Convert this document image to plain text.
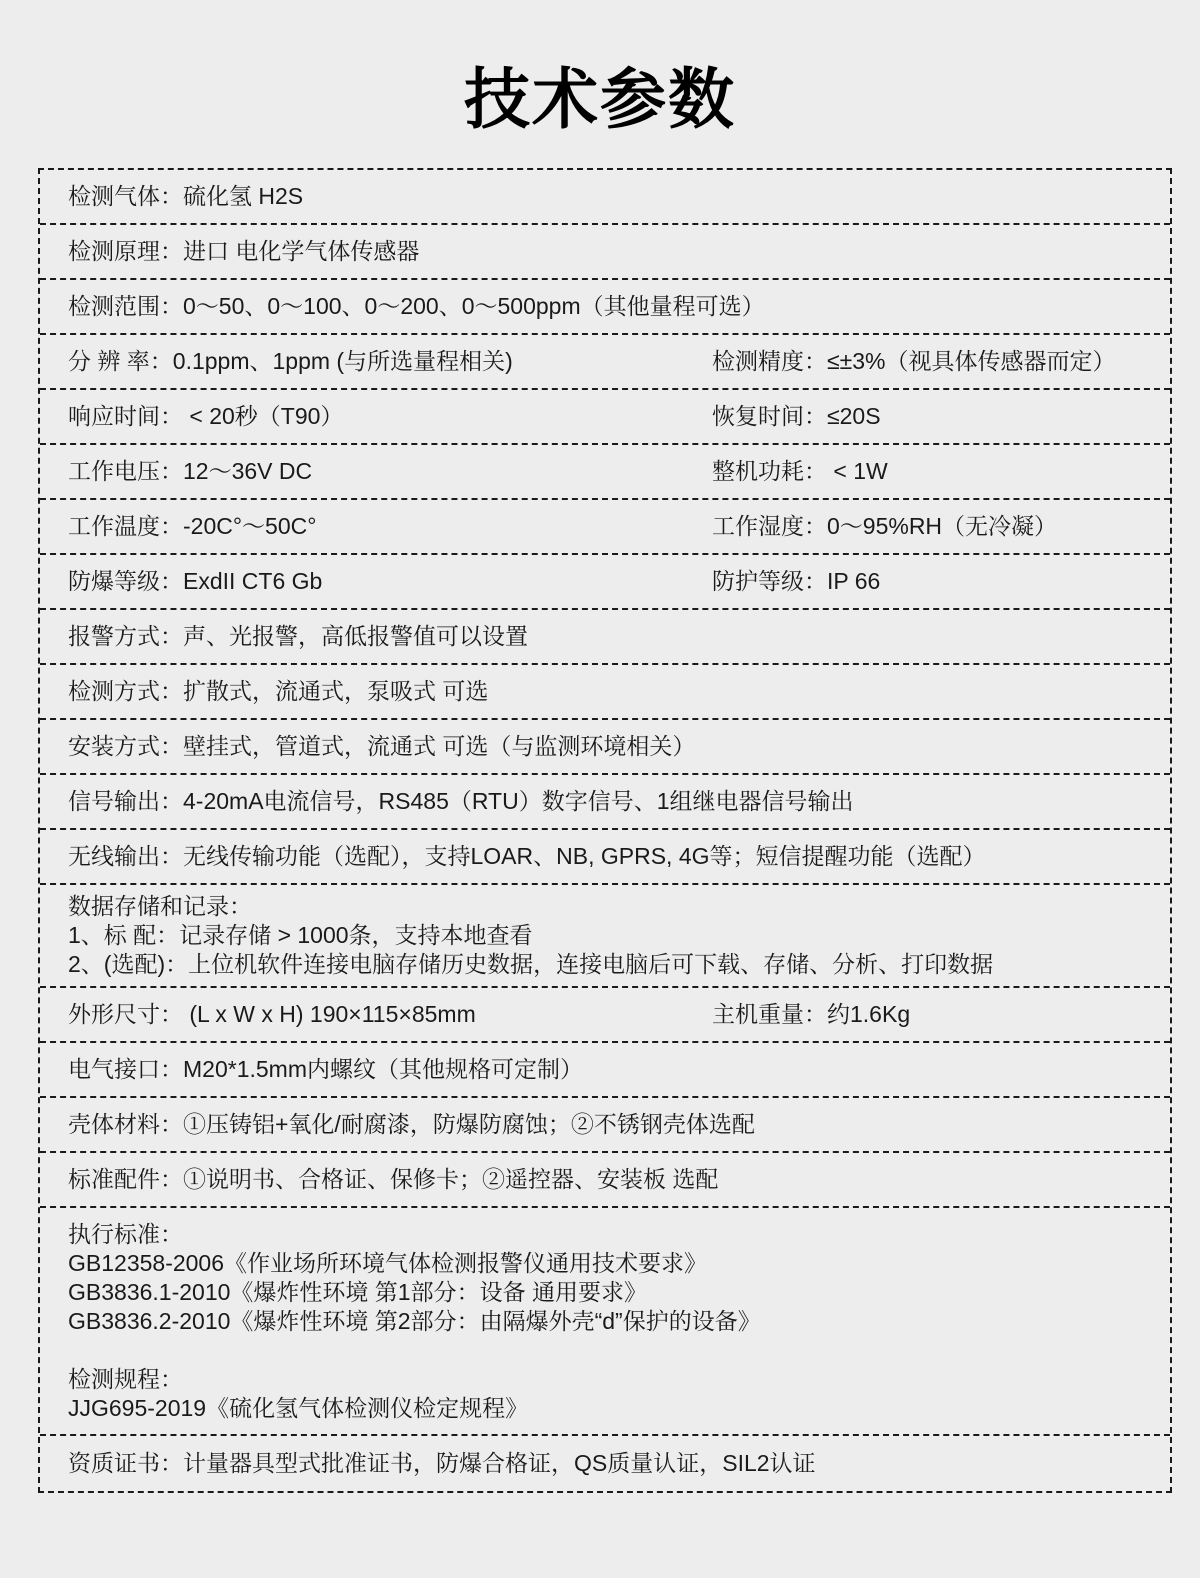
技术参数
检测气体：硫化氢 H2S
检测原理：进口 电化学气体传感器
检测范围：0～50、0～100、0～200、0～500ppm（其他量程可选）
分 辨 率：0.1ppm、1ppm (与所选量程相关)	检测精度：≤±3%（视具体传感器而定）
响应时间： < 20秒（T90）	恢复时间：≤20S
工作电压：12～36V DC	整机功耗： < 1W
工作温度：-20C°～50C°	工作湿度：0～95%RH（无冷凝）
防爆等级：ExdII CT6 Gb	防护等级：IP 66
报警方式：声、光报警，高低报警值可以设置
检测方式：扩散式，流通式，泵吸式 可选
安装方式：壁挂式，管道式，流通式 可选（与监测环境相关）
信号输出：4-20mA电流信号，RS485（RTU）数字信号、1组继电器信号输出
无线输出：无线传输功能（选配），支持LOAR、NB, GPRS, 4G等；短信提醒功能（选配）
数据存储和记录：
1、标 配：记录存储 > 1000条，支持本地查看
2、(选配)：上位机软件连接电脑存储历史数据，连接电脑后可下载、存储、分析、打印数据
外形尺寸： (L x W x H) 190×115×85mm	主机重量：约1.6Kg
电气接口：M20*1.5mm内螺纹（其他规格可定制）
壳体材料：①压铸铝+氧化/耐腐漆，防爆防腐蚀；②不锈钢壳体选配
标准配件：①说明书、合格证、保修卡；②遥控器、安装板 选配
执行标准：
GB12358-2006《作业场所环境气体检测报警仪通用技术要求》
GB3836.1-2010《爆炸性环境 第1部分：设备 通用要求》
GB3836.2-2010《爆炸性环境 第2部分：由隔爆外壳“d”保护的设备》
检测规程：
JJG695-2019《硫化氢气体检测仪检定规程》
资质证书：计量器具型式批准证书，防爆合格证，QS质量认证，SIL2认证
